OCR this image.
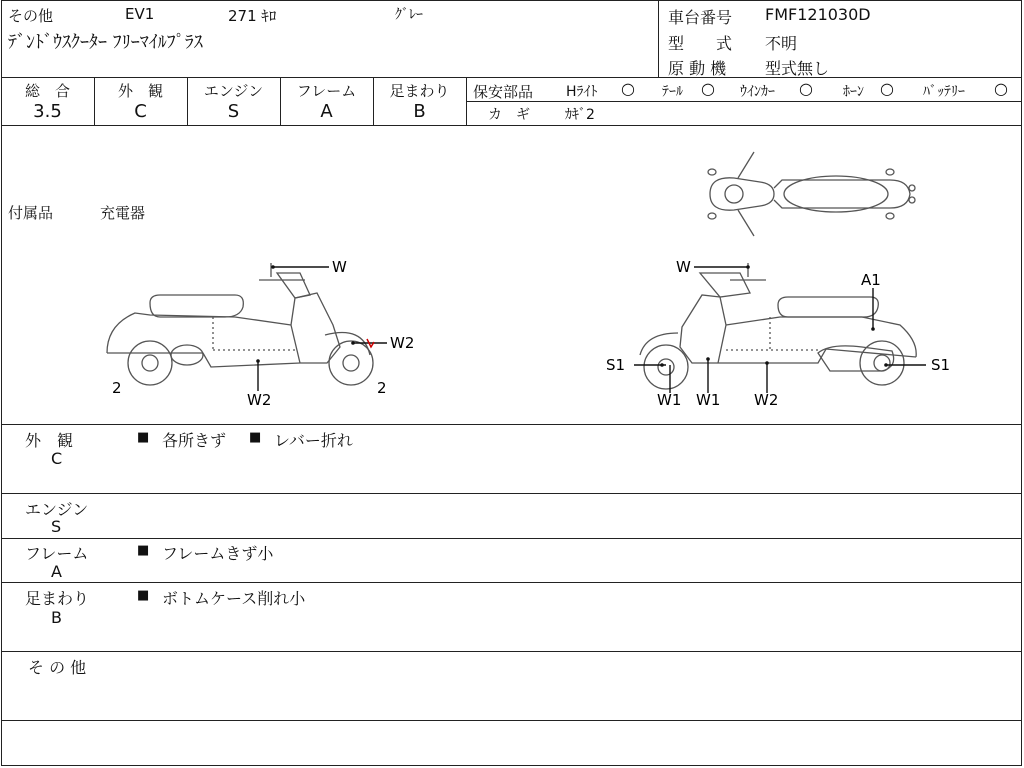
その他	EV1	271 ｷﾛ	ｸﾞﾚｰ
ﾃﾞﾝﾄﾞｳｽｸｰﾀｰ ﾌﾘｰﾏｲﾙﾌﾟﾗｽ
車台番号 FMF121030D
型　　式 不明
原 動 機 型式無し
総　合
3.5
外　観
C
エンジン
S
フレーム
A
足まわり
B
保安部品 Hﾗｲﾄ ○ ﾃｰﾙ ○ ｳｲﾝｶｰ ○ ﾎｰﾝ ○ ﾊﾞｯﾃﾘｰ ○
カ　ギ	ｶｷﾞ2
付属品	充電器
W
W2
2
W2
2
W
A1
S1	S1
W1 W1 W2
外　観
C
■ 各所きず ■ レバー折れ
エンジン
S
フレーム
A
■ フレームきず小
足まわり
B
■ ボトムケース削れ小
そ の 他
